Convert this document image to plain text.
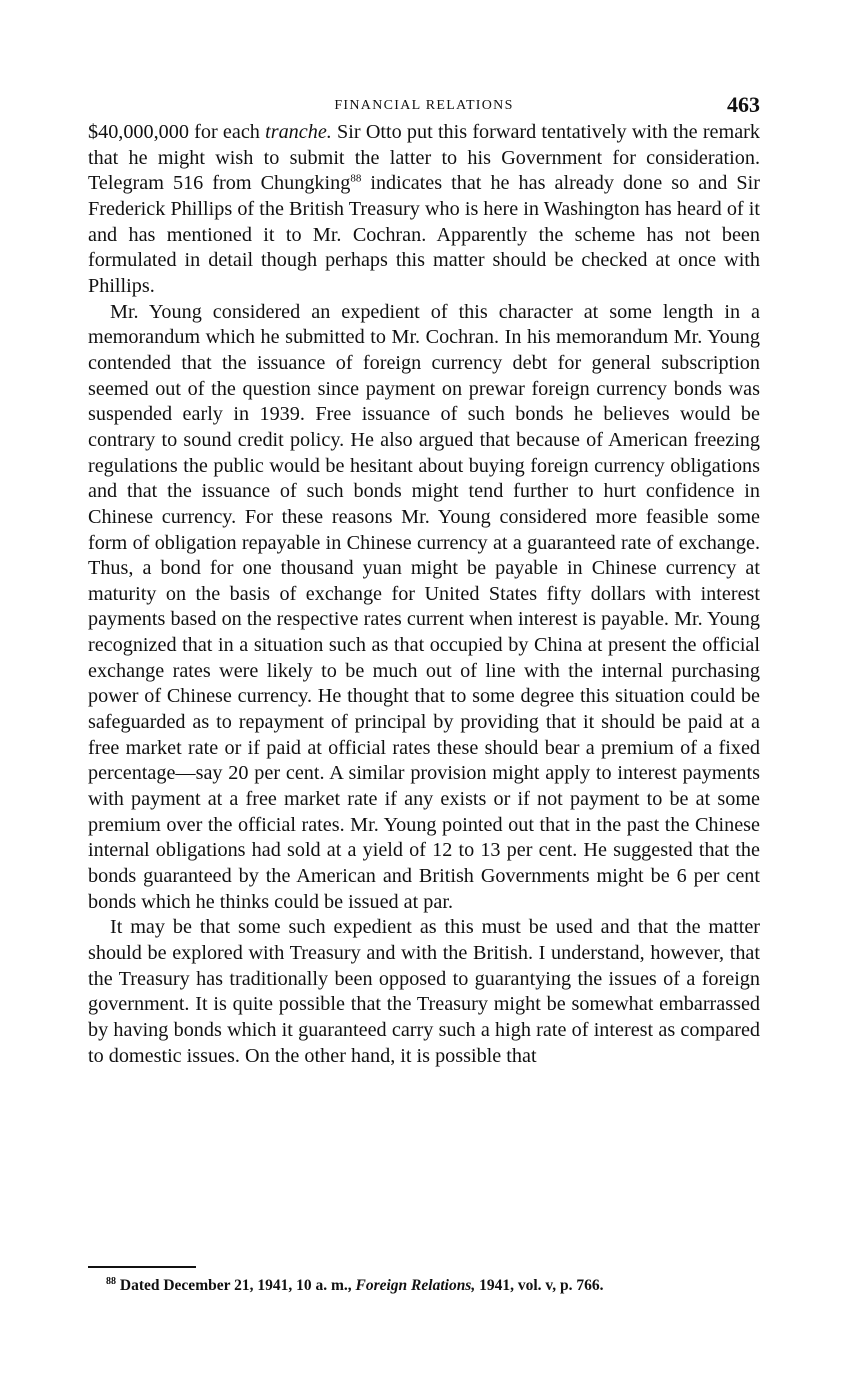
FINANCIAL RELATIONS	463

$40,000,000 for each tranche. Sir Otto put this forward tentatively with the remark that he might wish to submit the latter to his Government for consideration. Telegram 516 from Chungking$^{88}$ indicates that he has already done so and Sir Frederick Phillips of the British Treasury who is here in Washington has heard of it and has mentioned it to Mr. Cochran. Apparently the scheme has not been formulated in detail though perhaps this matter should be checked at once with Phillips.

Mr. Young considered an expedient of this character at some length in a memorandum which he submitted to Mr. Cochran. In his memorandum Mr. Young contended that the issuance of foreign currency debt for general subscription seemed out of the question since payment on prewar foreign currency bonds was suspended early in 1939. Free issuance of such bonds he believes would be contrary to sound credit policy. He also argued that because of American freezing regulations the public would be hesitant about buying foreign currency obligations and that the issuance of such bonds might tend further to hurt confidence in Chinese currency. For these reasons Mr. Young considered more feasible some form of obligation repayable in Chinese currency at a guaranteed rate of exchange. Thus, a bond for one thousand yuan might be payable in Chinese currency at maturity on the basis of exchange for United States fifty dollars with interest payments based on the respective rates current when interest is payable. Mr. Young recognized that in a situation such as that occupied by China at present the official exchange rates were likely to be much out of line with the internal purchasing power of Chinese currency. He thought that to some degree this situation could be safeguarded as to repayment of principal by providing that it should be paid at a free market rate or if paid at official rates these should bear a premium of a fixed percentage—say 20 per cent. A similar provision might apply to interest payments with payment at a free market rate if any exists or if not payment to be at some premium over the official rates. Mr. Young pointed out that in the past the Chinese internal obligations had sold at a yield of 12 to 13 per cent. He suggested that the bonds guaranteed by the American and British Governments might be 6 per cent bonds which he thinks could be issued at par.

It may be that some such expedient as this must be used and that the matter should be explored with Treasury and with the British. I understand, however, that the Treasury has traditionally been opposed to guarantying the issues of a foreign government. It is quite possible that the Treasury might be somewhat embarrassed by having bonds which it guaranteed carry such a high rate of interest as compared to domestic issues. On the other hand, it is possible that

$^{88}$ Dated December 21, 1941, 10 a. m., Foreign Relations, 1941, vol. v, p. 766.
